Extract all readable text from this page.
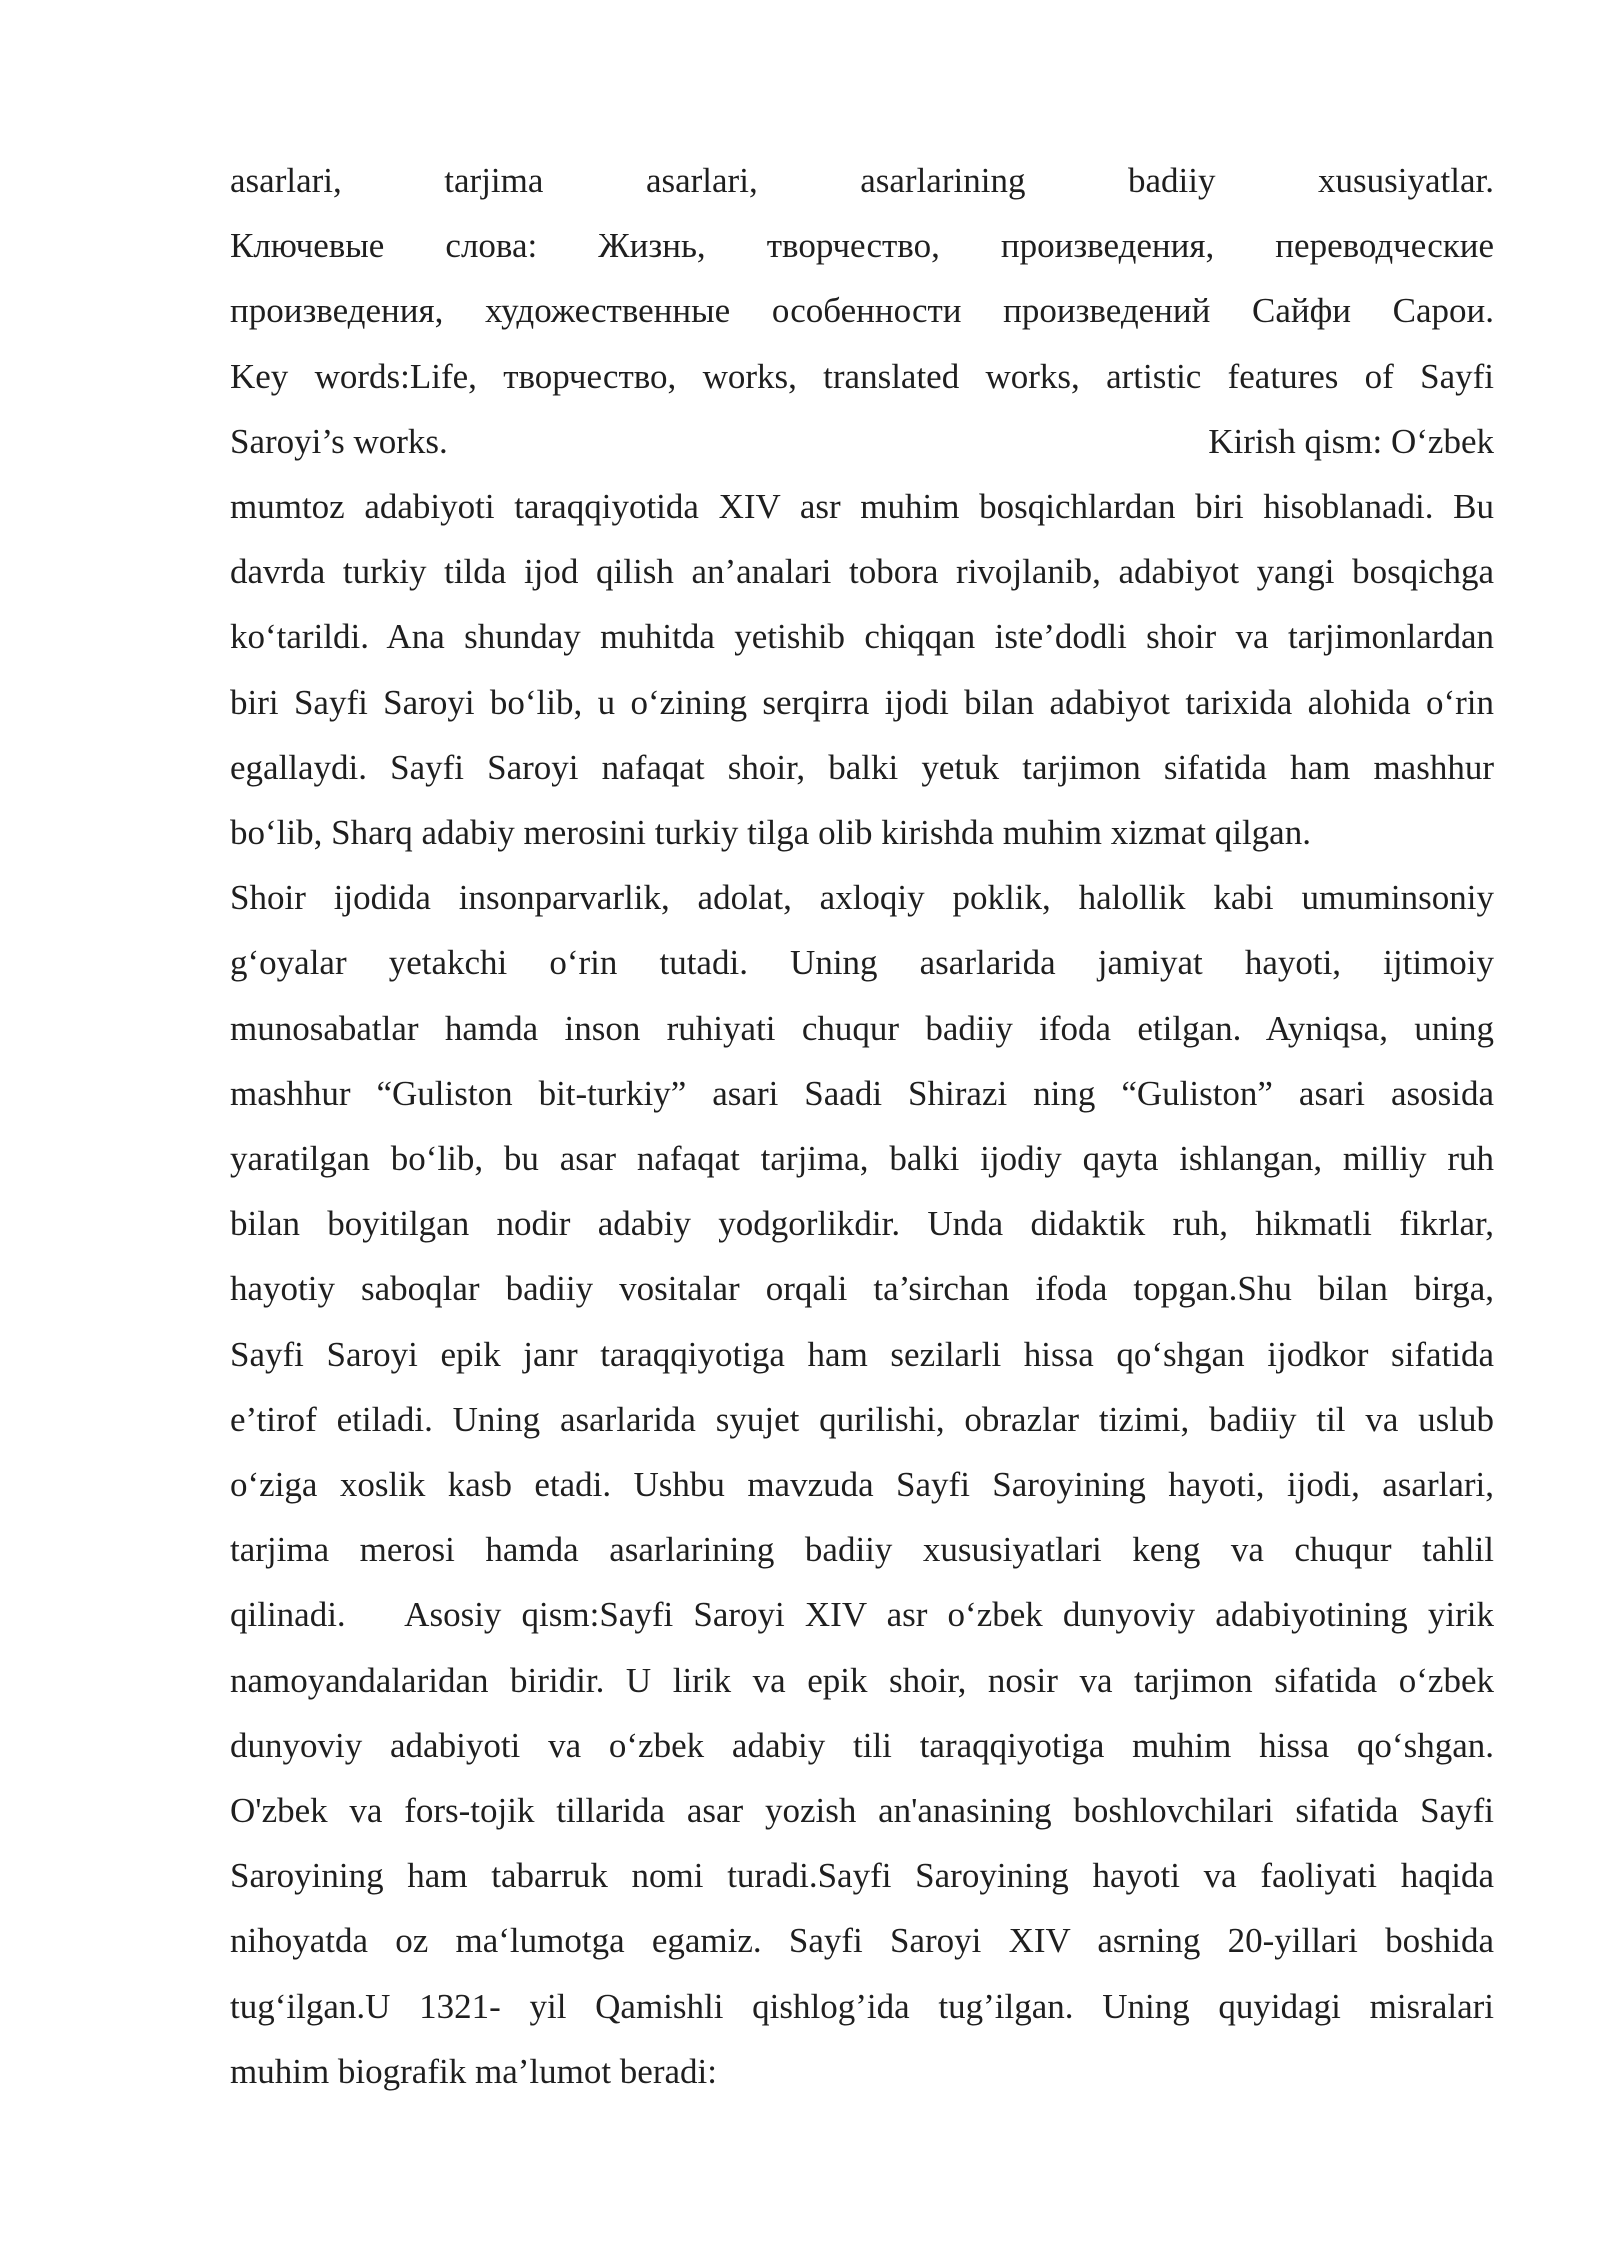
asarlari, tarjima asarlari, asarlarining badiiy xususiyatlar.
Ключевые слова: Жизнь, творчество, произведения, переводческие
произведения, художественные особенности произведений Сайфи Сарои.
Key words:Life, творчество, works, translated works, artistic features of Sayfi
Saroyi’s works.	Kirish qism: O‘zbek
mumtoz adabiyoti taraqqiyotida XIV asr muhim bosqichlardan biri hisoblanadi. Bu
davrda turkiy tilda ijod qilish an’analari tobora rivojlanib, adabiyot yangi bosqichga
ko‘tarildi. Ana shunday muhitda yetishib chiqqan iste’dodli shoir va tarjimonlardan
biri Sayfi Saroyi bo‘lib, u o‘zining serqirra ijodi bilan adabiyot tarixida alohida o‘rin
egallaydi. Sayfi Saroyi nafaqat shoir, balki yetuk tarjimon sifatida ham mashhur
bo‘lib, Sharq adabiy merosini turkiy tilga olib kirishda muhim xizmat qilgan.
Shoir ijodida insonparvarlik, adolat, axloqiy poklik, halollik kabi umuminsoniy
g‘oyalar yetakchi o‘rin tutadi. Uning asarlarida jamiyat hayoti, ijtimoiy
munosabatlar hamda inson ruhiyati chuqur badiiy ifoda etilgan. Ayniqsa, uning
mashhur “Guliston bit-turkiy” asari Saadi Shirazi ning “Guliston” asari asosida
yaratilgan bo‘lib, bu asar nafaqat tarjima, balki ijodiy qayta ishlangan, milliy ruh
bilan boyitilgan nodir adabiy yodgorlikdir. Unda didaktik ruh, hikmatli fikrlar,
hayotiy saboqlar badiiy vositalar orqali ta’sirchan ifoda topgan.Shu bilan birga,
Sayfi Saroyi epik janr taraqqiyotiga ham sezilarli hissa qo‘shgan ijodkor sifatida
e’tirof etiladi. Uning asarlarida syujet qurilishi, obrazlar tizimi, badiiy til va uslub
o‘ziga xoslik kasb etadi. Ushbu mavzuda Sayfi Saroyining hayoti, ijodi, asarlari,
tarjima merosi hamda asarlarining badiiy xususiyatlari keng va chuqur tahlil
qilinadi.   Asosiy qism:Sayfi Saroyi XIV asr o‘zbek dunyoviy adabiyotining yirik
namoyandalaridan biridir. U lirik va epik shoir, nosir va tarjimon sifatida o‘zbek
dunyoviy adabiyoti va o‘zbek adabiy tili taraqqiyotiga muhim hissa qo‘shgan.
O'zbek va fors-tojik tillarida asar yozish an'anasining boshlovchilari sifatida Sayfi
Saroyining ham tabarruk nomi turadi.Sayfi Saroyining hayoti va faoliyati haqida
nihoyatda oz ma‘lumotga egamiz. Sayfi Saroyi XIV asrning 20-yillari boshida
tug‘ilgan.U 1321- yil Qamishli qishlog’ida tug’ilgan. Uning quyidagi misralari
muhim biografik ma’lumot beradi:
